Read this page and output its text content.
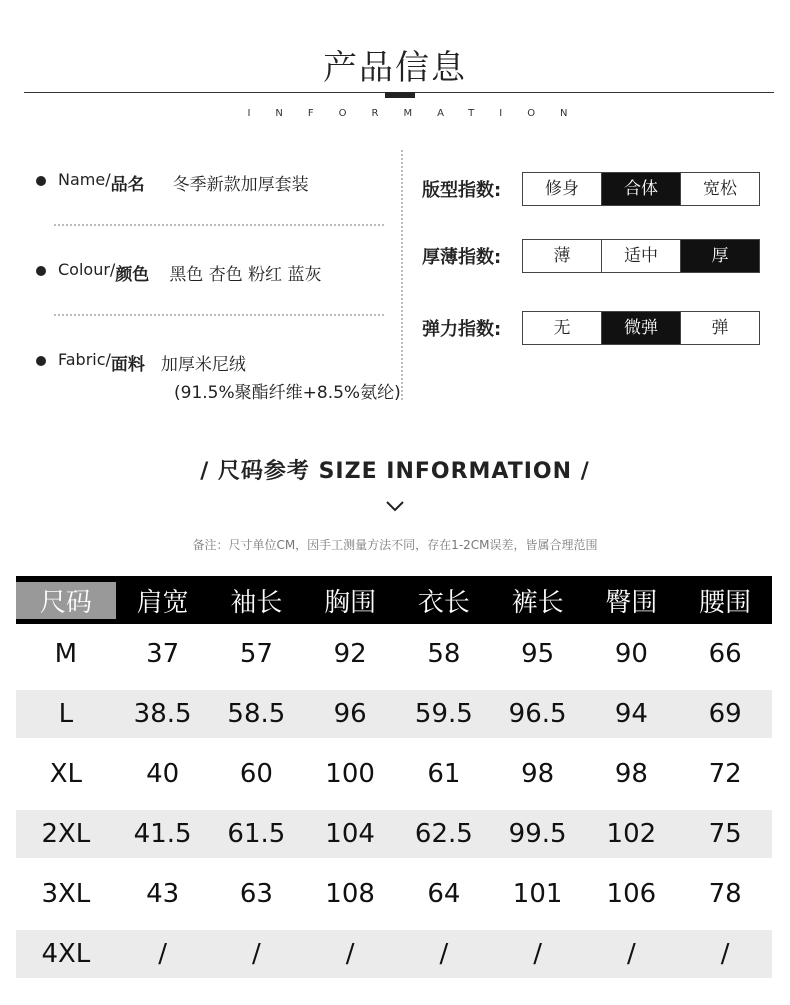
产品信息
INFORMATION
Name/ 品名 冬季新款加厚套装
Colour/ 颜色 黑色 杏色 粉红 蓝灰
Fabric/ 面料 加厚米尼绒
(91.5%聚酯纤维+8.5%氨纶)
版型指数:	修身	合体	宽松
厚薄指数:	薄	适中	厚
弹力指数:	无	微弹	弹
/ 尺码参考 SIZE INFORMATION /
备注：尺寸单位CM，因手工测量方法不同，存在1-2CM误差，皆属合理范围
尺码	肩宽	袖长	胸围	衣长	裤长	臀围	腰围
M	37	57	92	58	95	90	66
L	38.5	58.5	96	59.5	96.5	94	69
XL	40	60	100	61	98	98	72
2XL	41.5	61.5	104	62.5	99.5	102	75
3XL	43	63	108	64	101	106	78
4XL	/	/	/	/	/	/	/
